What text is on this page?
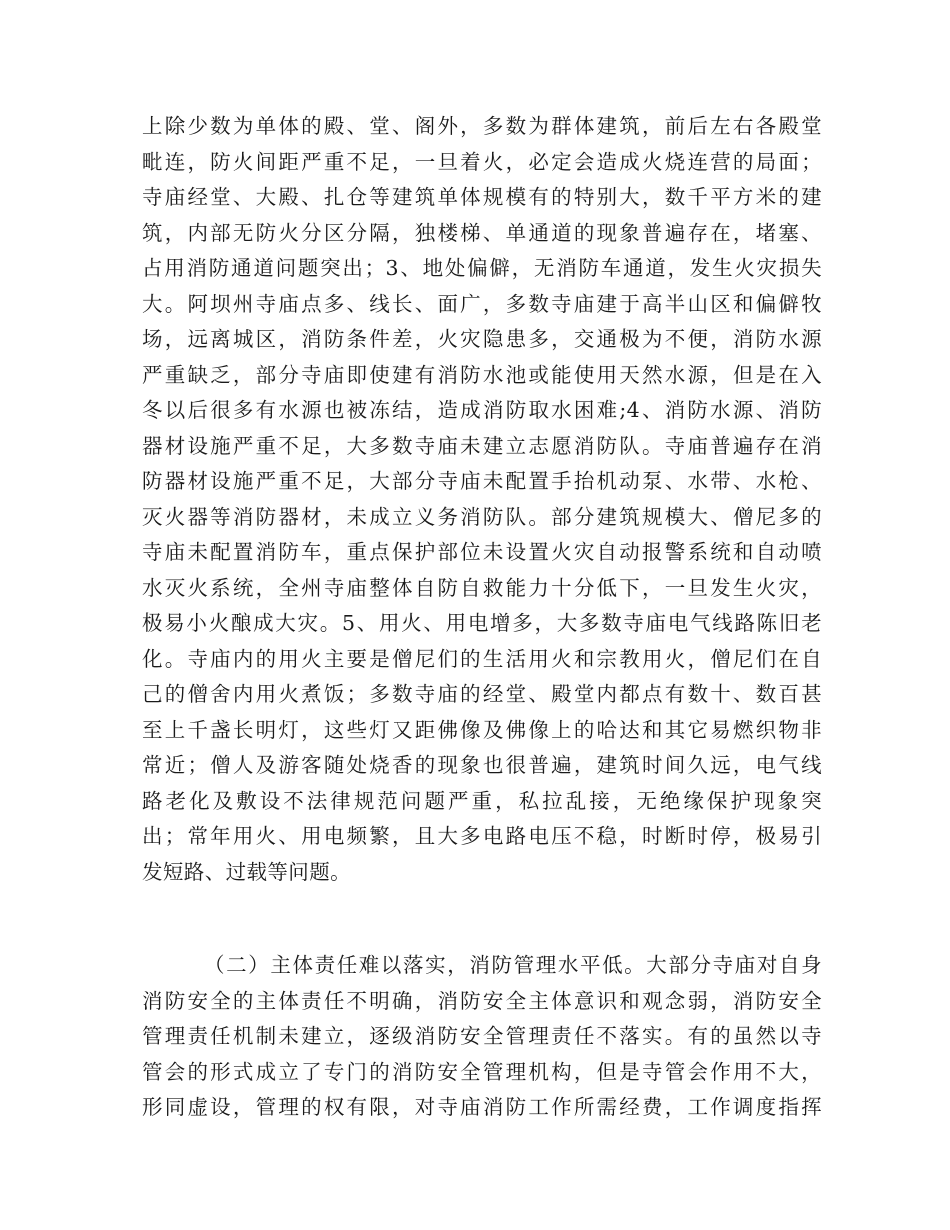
上除少数为单体的殿、堂、阁外，多数为群体建筑，前后左右各殿堂
毗连，防火间距严重不足，一旦着火，必定会造成火烧连营的局面；
寺庙经堂、大殿、扎仓等建筑单体规模有的特别大，数千平方米的建
筑，内部无防火分区分隔，独楼梯、单通道的现象普遍存在，堵塞、
占用消防通道问题突出；3、地处偏僻，无消防车通道，发生火灾损失
大。阿坝州寺庙点多、线长、面广，多数寺庙建于高半山区和偏僻牧
场，远离城区，消防条件差，火灾隐患多，交通极为不便，消防水源
严重缺乏，部分寺庙即使建有消防水池或能使用天然水源，但是在入
冬以后很多有水源也被冻结，造成消防取水困难;4、消防水源、消防
器材设施严重不足，大多数寺庙未建立志愿消防队。寺庙普遍存在消
防器材设施严重不足，大部分寺庙未配置手抬机动泵、水带、水枪、
灭火器等消防器材，未成立义务消防队。部分建筑规模大、僧尼多的
寺庙未配置消防车，重点保护部位未设置火灾自动报警系统和自动喷
水灭火系统，全州寺庙整体自防自救能力十分低下，一旦发生火灾，
极易小火酿成大灾。5、用火、用电增多，大多数寺庙电气线路陈旧老
化。寺庙内的用火主要是僧尼们的生活用火和宗教用火，僧尼们在自
己的僧舍内用火煮饭；多数寺庙的经堂、殿堂内都点有数十、数百甚
至上千盏长明灯，这些灯又距佛像及佛像上的哈达和其它易燃织物非
常近；僧人及游客随处烧香的现象也很普遍，建筑时间久远，电气线
路老化及敷设不法律规范问题严重，私拉乱接，无绝缘保护现象突
出；常年用火、用电频繁，且大多电路电压不稳，时断时停，极易引
发短路、过载等问题。
（二）主体责任难以落实，消防管理水平低。大部分寺庙对自身
消防安全的主体责任不明确，消防安全主体意识和观念弱，消防安全
管理责任机制未建立，逐级消防安全管理责任不落实。有的虽然以寺
管会的形式成立了专门的消防安全管理机构，但是寺管会作用不大，
形同虚设，管理的权有限，对寺庙消防工作所需经费，工作调度指挥
